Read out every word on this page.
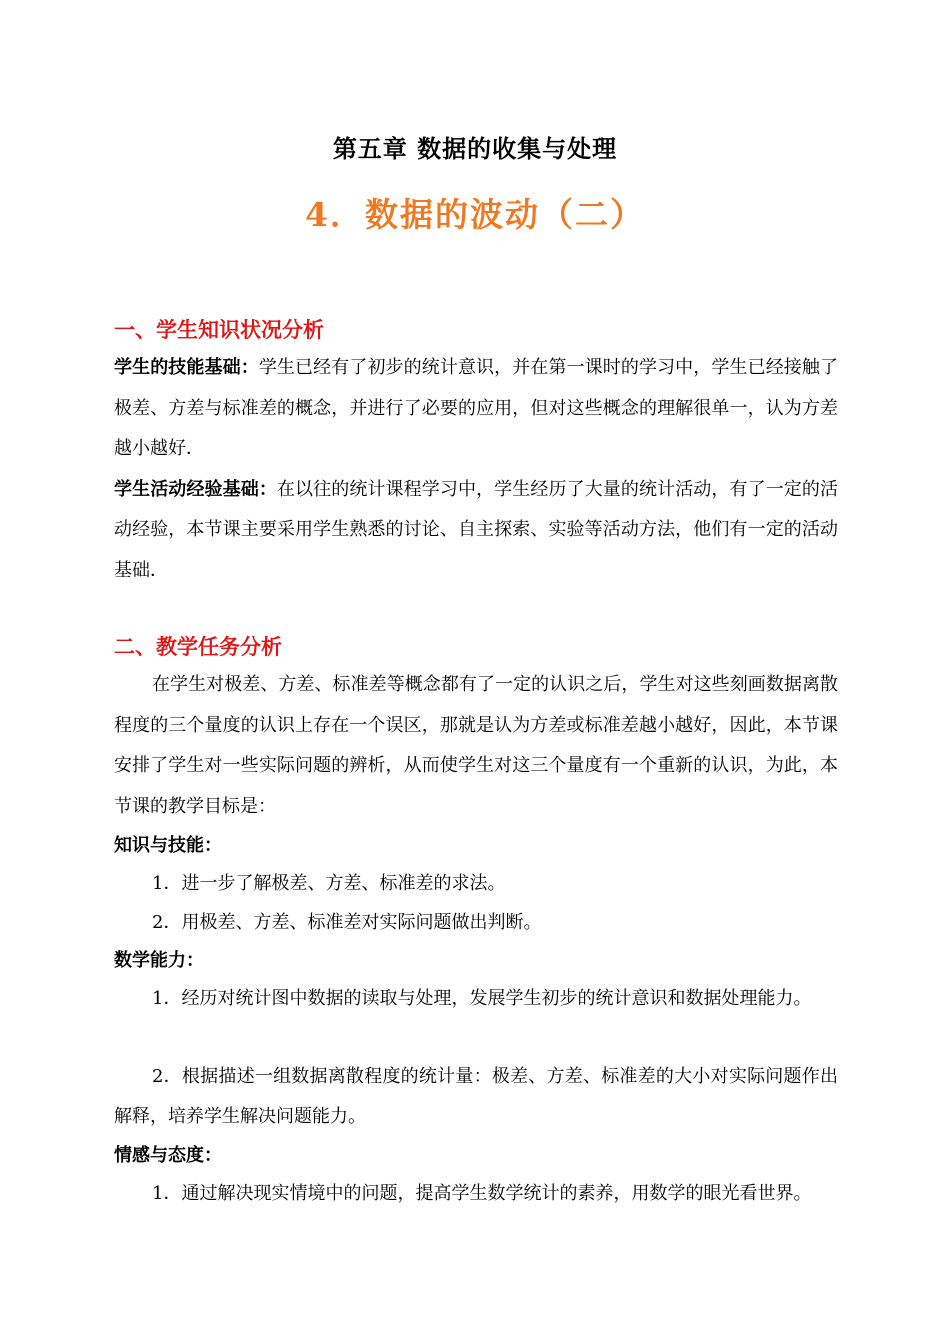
第五章 数据的收集与处理
4．数据的波动（二）
一、学生知识状况分析

学生的技能基础：学生已经有了初步的统计意识，并在第一课时的学习中，学生已经接触了极差、方差与标准差的概念，并进行了必要的应用，但对这些概念的理解很单一，认为方差越小越好．

学生活动经验基础：在以往的统计课程学习中，学生经历了大量的统计活动，有了一定的活动经验，本节课主要采用学生熟悉的讨论、自主探索、实验等活动方法，他们有一定的活动基础．

二、教学任务分析

在学生对极差、方差、标准差等概念都有了一定的认识之后，学生对这些刻画数据离散程度的三个量度的认识上存在一个误区，那就是认为方差或标准差越小越好，因此，本节课安排了学生对一些实际问题的辨析，从而使学生对这三个量度有一个重新的认识，为此，本节课的教学目标是：

知识与技能：

1．进一步了解极差、方差、标准差的求法。

2．用极差、方差、标准差对实际问题做出判断。

数学能力：

1．经历对统计图中数据的读取与处理，发展学生初步的统计意识和数据处理能力。

2．根据描述一组数据离散程度的统计量：极差、方差、标准差的大小对实际问题作出解释，培养学生解决问题能力。

情感与态度：

1．通过解决现实情境中的问题，提高学生数学统计的素养，用数学的眼光看世界。
